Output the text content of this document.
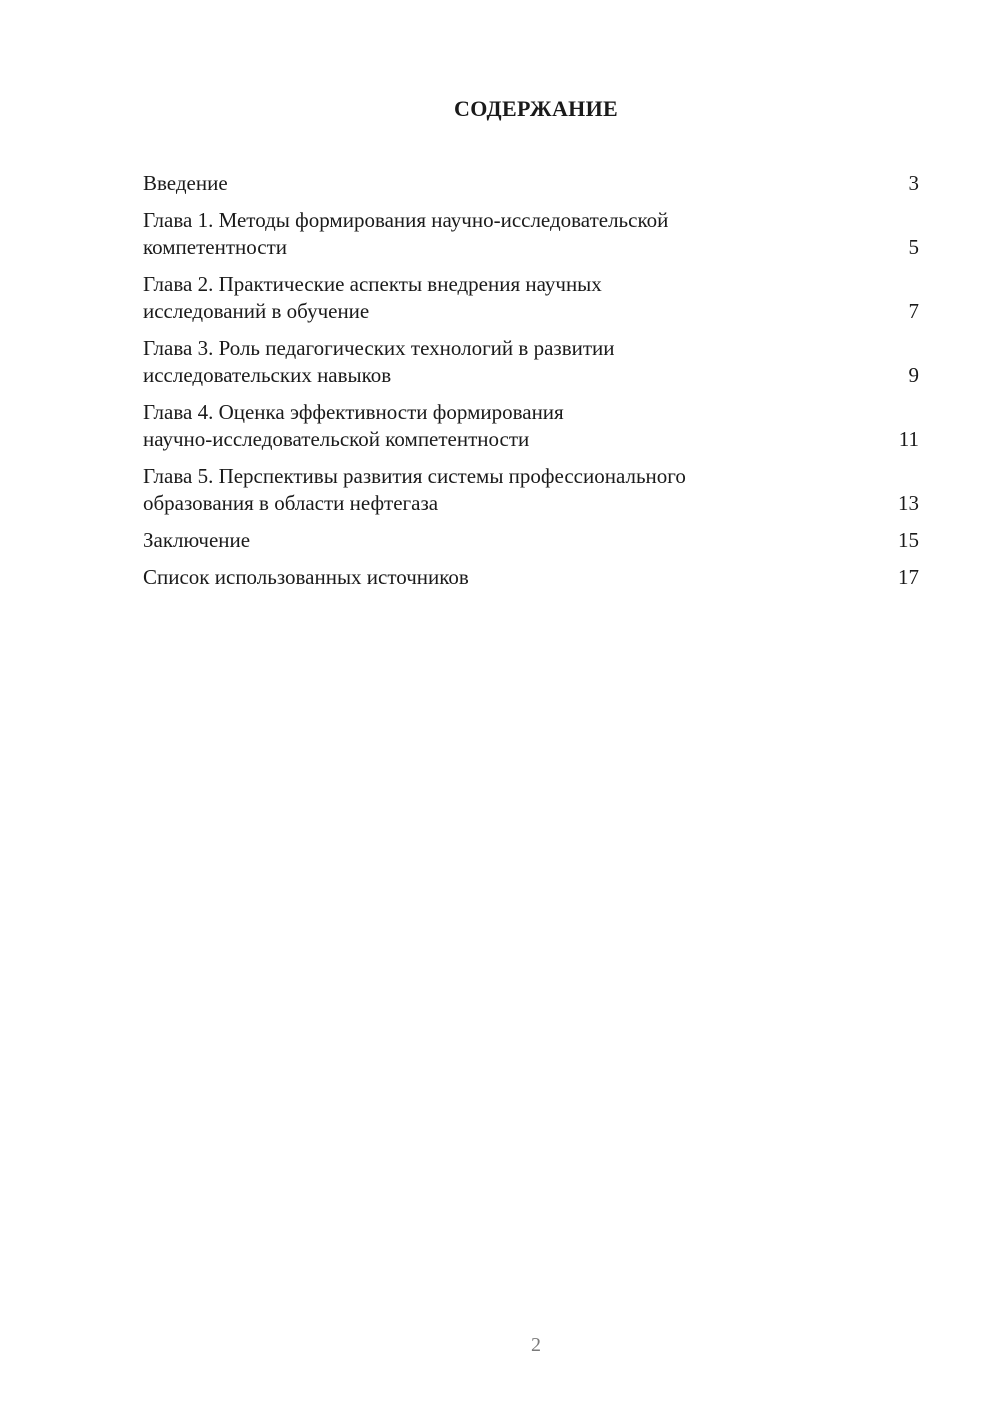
СОДЕРЖАНИЕ
Введение	3
Глава 1. Методы формирования научно-исследовательской
компетентности	5
Глава 2. Практические аспекты внедрения научных
исследований в обучение	7
Глава 3. Роль педагогических технологий в развитии
исследовательских навыков	9
Глава 4. Оценка эффективности формирования
научно-исследовательской компетентности	11
Глава 5. Перспективы развития системы профессионального
образования в области нефтегаза	13
Заключение	15
Список использованных источников	17
2
